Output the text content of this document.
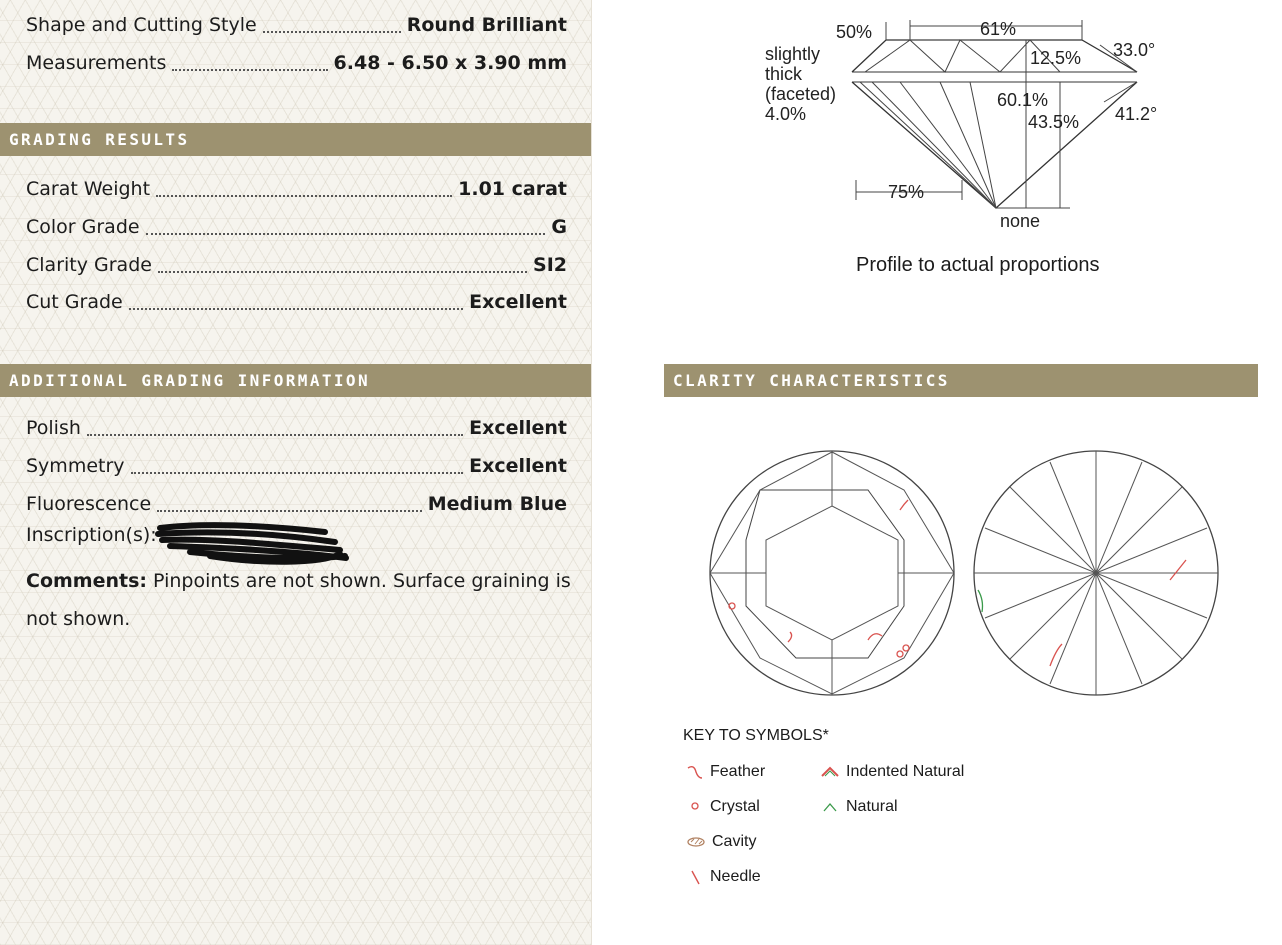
Shape and Cutting Style	Round Brilliant
Measurements	6.48 - 6.50 x 3.90 mm
GRADING RESULTS
Carat Weight	1.01 carat
Color Grade	G
Clarity Grade	SI2
Cut Grade	Excellent
ADDITIONAL GRADING INFORMATION
Polish	Excellent
Symmetry	Excellent
Fluorescence	Medium Blue
Inscription(s):
Comments: Pinpoints are not shown. Surface graining is not shown.
50%	61%
slightly
thick
(faceted)
4.0%
12.5% 33.0°
60.1%
43.5% 41.2°
75%
none
Profile to actual proportions
CLARITY CHARACTERISTICS
KEY TO SYMBOLS*
Feather
Crystal
Cavity
Needle
Indented Natural
Natural
